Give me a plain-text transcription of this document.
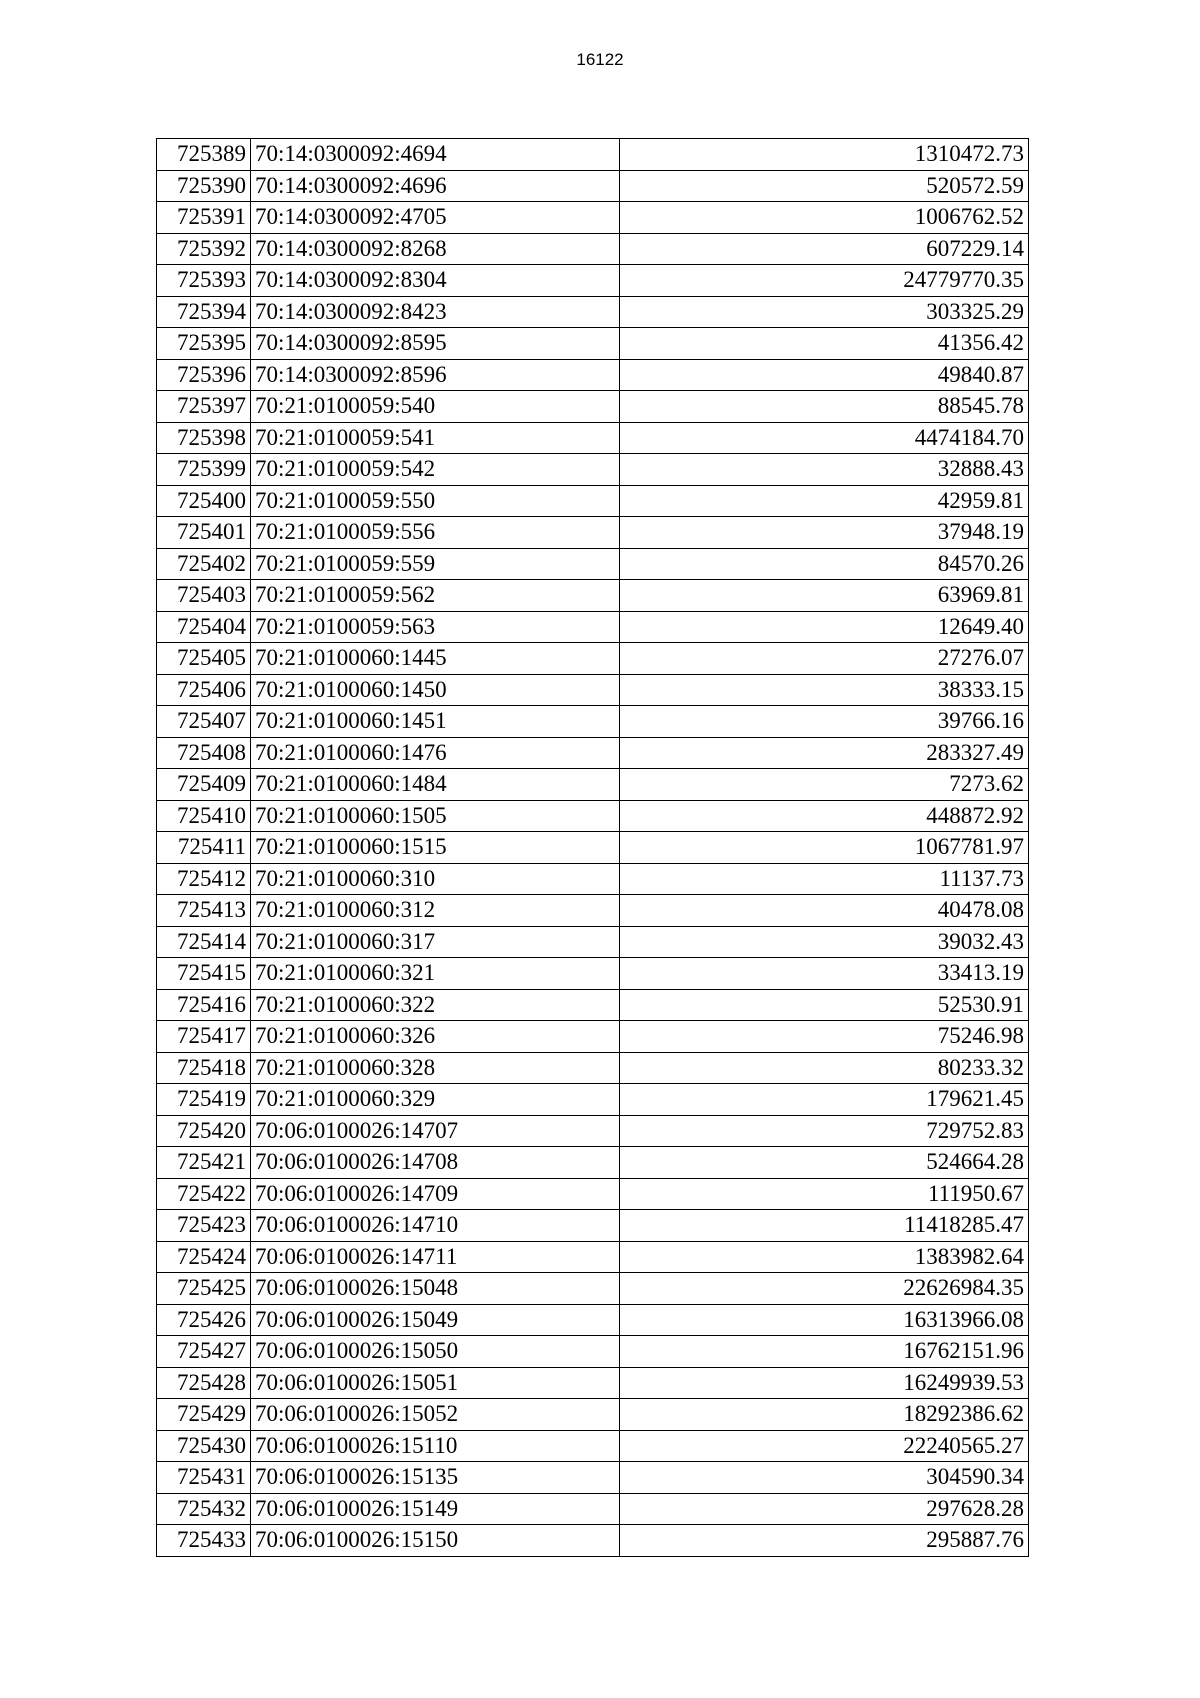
16122
725389	70:14:0300092:4694	1310472.73
725390	70:14:0300092:4696	520572.59
725391	70:14:0300092:4705	1006762.52
725392	70:14:0300092:8268	607229.14
725393	70:14:0300092:8304	24779770.35
725394	70:14:0300092:8423	303325.29
725395	70:14:0300092:8595	41356.42
725396	70:14:0300092:8596	49840.87
725397	70:21:0100059:540	88545.78
725398	70:21:0100059:541	4474184.70
725399	70:21:0100059:542	32888.43
725400	70:21:0100059:550	42959.81
725401	70:21:0100059:556	37948.19
725402	70:21:0100059:559	84570.26
725403	70:21:0100059:562	63969.81
725404	70:21:0100059:563	12649.40
725405	70:21:0100060:1445	27276.07
725406	70:21:0100060:1450	38333.15
725407	70:21:0100060:1451	39766.16
725408	70:21:0100060:1476	283327.49
725409	70:21:0100060:1484	7273.62
725410	70:21:0100060:1505	448872.92
725411	70:21:0100060:1515	1067781.97
725412	70:21:0100060:310	11137.73
725413	70:21:0100060:312	40478.08
725414	70:21:0100060:317	39032.43
725415	70:21:0100060:321	33413.19
725416	70:21:0100060:322	52530.91
725417	70:21:0100060:326	75246.98
725418	70:21:0100060:328	80233.32
725419	70:21:0100060:329	179621.45
725420	70:06:0100026:14707	729752.83
725421	70:06:0100026:14708	524664.28
725422	70:06:0100026:14709	111950.67
725423	70:06:0100026:14710	11418285.47
725424	70:06:0100026:14711	1383982.64
725425	70:06:0100026:15048	22626984.35
725426	70:06:0100026:15049	16313966.08
725427	70:06:0100026:15050	16762151.96
725428	70:06:0100026:15051	16249939.53
725429	70:06:0100026:15052	18292386.62
725430	70:06:0100026:15110	22240565.27
725431	70:06:0100026:15135	304590.34
725432	70:06:0100026:15149	297628.28
725433	70:06:0100026:15150	295887.76
